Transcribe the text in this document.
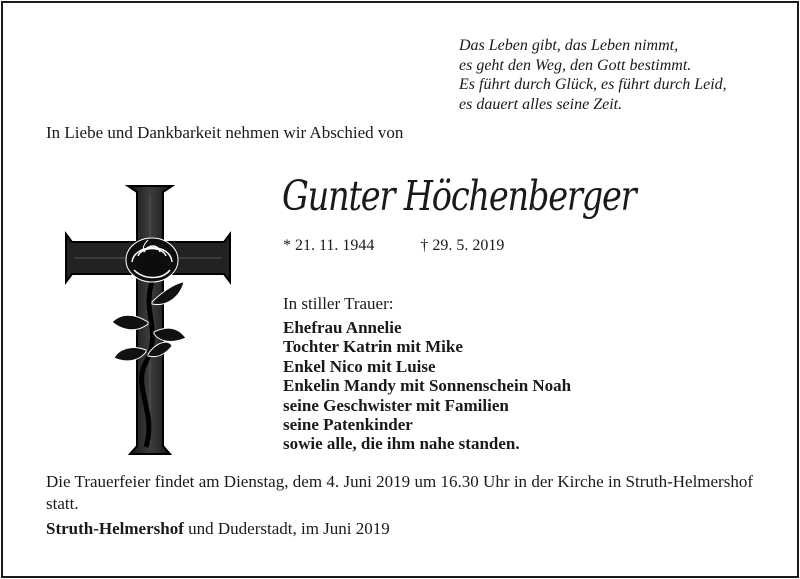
Das Leben gibt, das Leben nimmt,
es geht den Weg, den Gott bestimmt.
Es führt durch Glück, es führt durch Leid,
es dauert alles seine Zeit.
In Liebe und Dankbarkeit nehmen wir Abschied von
Gunter Höchenberger
* 21. 11. 1944	† 29. 5. 2019
In stiller Trauer:
Ehefrau Annelie
Tochter Katrin mit Mike
Enkel Nico mit Luise
Enkelin Mandy mit Sonnenschein Noah
seine Geschwister mit Familien
seine Patenkinder
sowie alle, die ihm nahe standen.
Die Trauerfeier findet am Dienstag, dem 4. Juni 2019 um 16.30 Uhr in der Kirche in Struth-Helmershof statt.
Struth-Helmershof und Duderstadt, im Juni 2019
